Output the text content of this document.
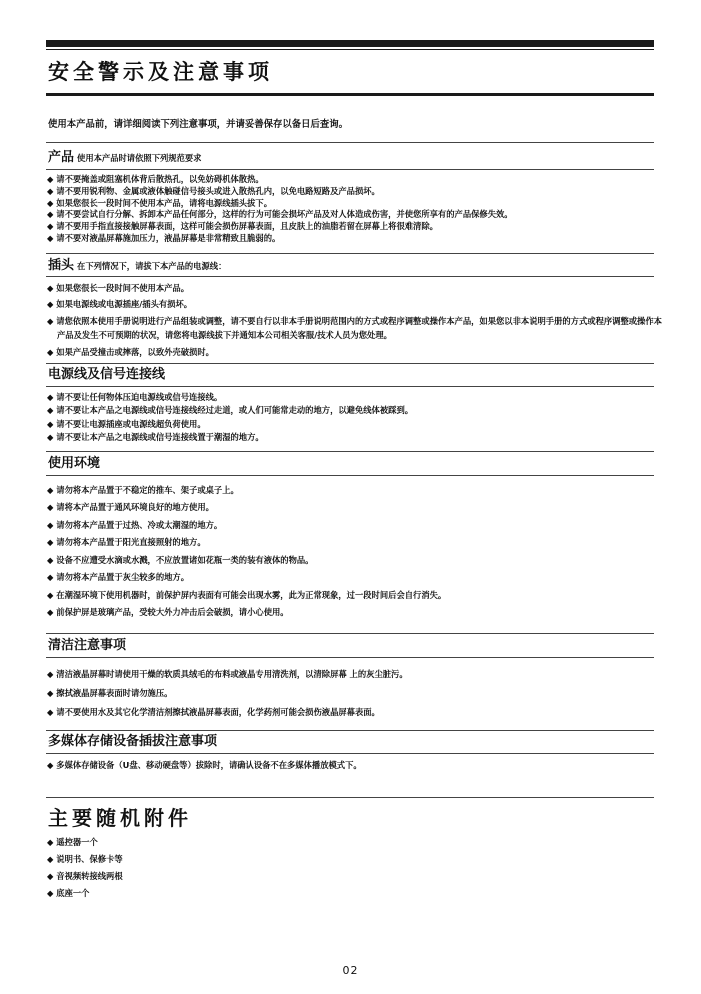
安全警示及注意事项
使用本产品前，请详细阅读下列注意事项，并请妥善保存以备日后查询。
产品 使用本产品时请依照下列规范要求
◆ 请不要掩盖或阻塞机体背后散热孔，以免妨碍机体散热。
◆ 请不要用锐利物、金属或液体触碰信号接头或进入散热孔内，以免电路短路及产品损坏。
◆ 如果您很长一段时间不使用本产品，请将电源线插头拔下。
◆ 请不要尝试自行分解、拆卸本产品任何部分，这样的行为可能会损坏产品及对人体造成伤害，并使您所享有的产品保修失效。
◆ 请不要用手指直接接触屏幕表面，这样可能会损伤屏幕表面，且皮肤上的油脂若留在屏幕上将很难清除。
◆ 请不要对液晶屏幕施加压力，液晶屏幕是非常精致且脆弱的。
插头 在下列情况下，请拔下本产品的电源线：
◆ 如果您很长一段时间不使用本产品。
◆ 如果电源线或电源插座/插头有损坏。
◆ 请您依照本使用手册说明进行产品组装或调整，请不要自行以非本手册说明范围内的方式或程序调整或操作本产品，如果您以非本说明手册的方式或程序调整或操作本产品及发生不可预期的状况，请您将电源线拔下并通知本公司相关客服/技术人员为您处理。
◆ 如果产品受撞击或摔落，以致外壳破损时。
电源线及信号连接线
◆ 请不要让任何物体压迫电源线或信号连接线。
◆ 请不要让本产品之电源线或信号连接线经过走道，或人们可能常走动的地方，以避免线体被踩到。
◆ 请不要让电源插座或电源线超负荷使用。
◆ 请不要让本产品之电源线或信号连接线置于潮湿的地方。
使用环境
◆ 请勿将本产品置于不稳定的推车、架子或桌子上。
◆ 请将本产品置于通风环境良好的地方使用。
◆ 请勿将本产品置于过热、冷或太潮湿的地方。
◆ 请勿将本产品置于阳光直接照射的地方。
◆ 设备不应遭受水滴或水溅，不应放置诸如花瓶一类的装有液体的物品。
◆ 请勿将本产品置于灰尘较多的地方。
◆ 在潮湿环境下使用机器时，前保护屏内表面有可能会出现水雾，此为正常现象，过一段时间后会自行消失。
◆ 前保护屏是玻璃产品，受较大外力冲击后会破损，请小心使用。
清洁注意事项
◆ 清洁液晶屏幕时请使用干燥的软质具绒毛的布料或液晶专用清洗剂，以清除屏幕 上的灰尘脏污。
◆ 擦拭液晶屏幕表面时请勿施压。
◆ 请不要使用水及其它化学清洁剂擦拭液晶屏幕表面，化学药剂可能会损伤液晶屏幕表面。
多媒体存储设备插拔注意事项
◆ 多媒体存储设备（U盘、移动硬盘等）拔除时，请确认设备不在多媒体播放模式下。
主要随机附件
◆ 遥控器一个
◆ 说明书、保修卡等
◆ 音视频转接线两根
◆ 底座一个
02
